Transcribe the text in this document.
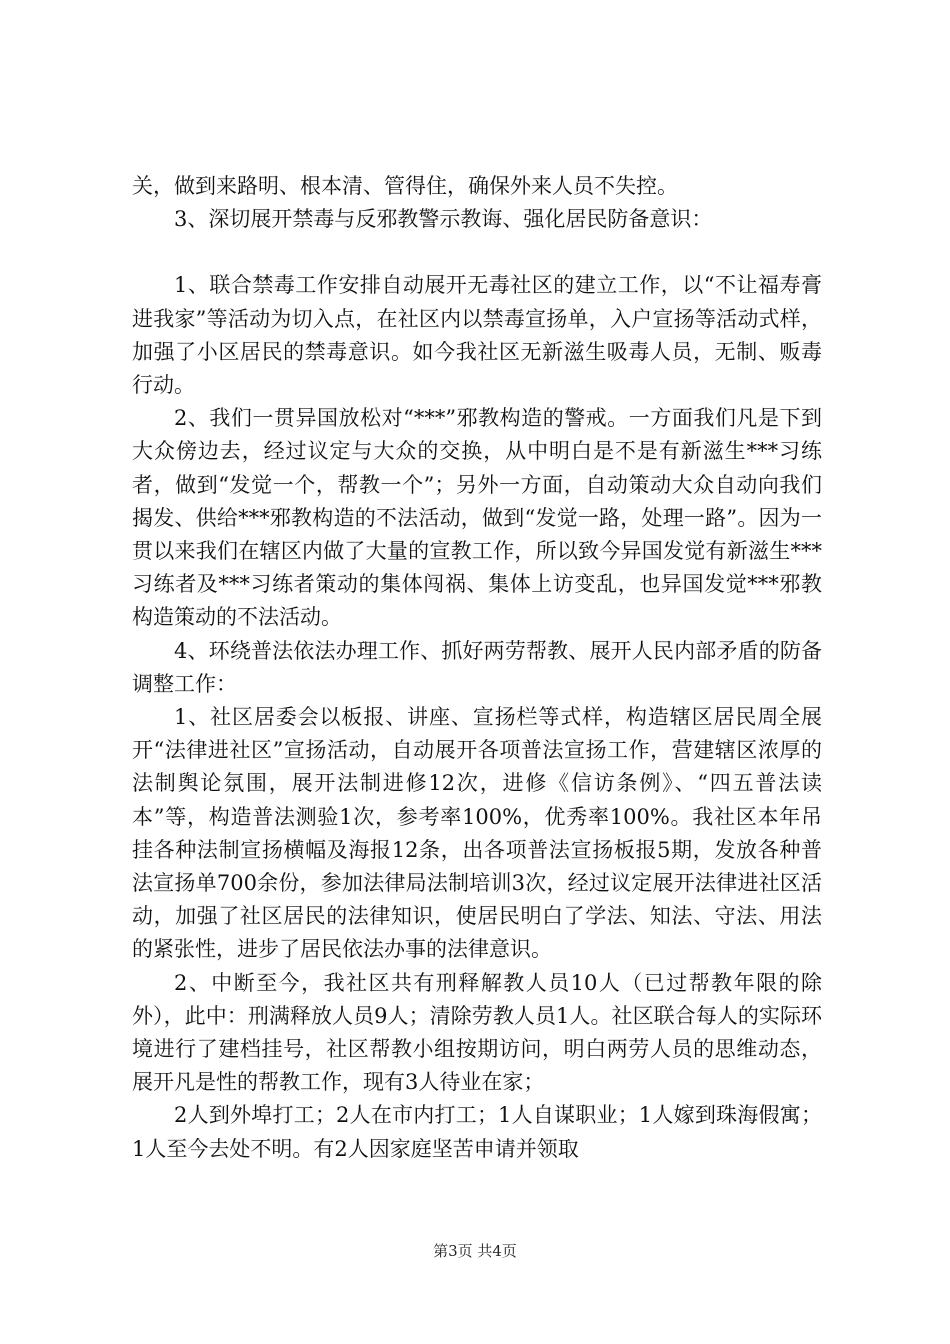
关，做到来路明、根本清、管得住，确保外来人员不失控。

3、深切展开禁毒与反邪教警示教诲、强化居民防备意识：

1、联合禁毒工作安排自动展开无毒社区的建立工作，以“不让福寿膏进我家”等活动为切入点，在社区内以禁毒宣扬单，入户宣扬等活动式样，加强了小区居民的禁毒意识。如今我社区无新滋生吸毒人员，无制、贩毒行动。

2、我们一贯异国放松对“***”邪教构造的警戒。一方面我们凡是下到大众傍边去，经过议定与大众的交换，从中明白是不是有新滋生***习练者，做到“发觉一个，帮教一个”；另外一方面，自动策动大众自动向我们揭发、供给***邪教构造的不法活动，做到“发觉一路，处理一路”。因为一贯以来我们在辖区内做了大量的宣教工作，所以致今异国发觉有新滋生***习练者及***习练者策动的集体闯祸、集体上访变乱，也异国发觉***邪教构造策动的不法活动。

4、环绕普法依法办理工作、抓好两劳帮教、展开人民内部矛盾的防备调整工作：

1、社区居委会以板报、讲座、宣扬栏等式样，构造辖区居民周全展开“法律进社区”宣扬活动，自动展开各项普法宣扬工作，营建辖区浓厚的法制舆论氛围，展开法制进修12次，进修《信访条例》、“四五普法读本”等，构造普法测验1次，参考率100%，优秀率100%。我社区本年吊挂各种法制宣扬横幅及海报12条，出各项普法宣扬板报5期，发放各种普法宣扬单700余份，参加法律局法制培训3次，经过议定展开法律进社区活动，加强了社区居民的法律知识，使居民明白了学法、知法、守法、用法的紧张性，进步了居民依法办事的法律意识。

2、中断至今，我社区共有刑释解教人员10人（已过帮教年限的除外），此中：刑满释放人员9人；清除劳教人员1人。社区联合每人的实际环境进行了建档挂号，社区帮教小组按期访问，明白两劳人员的思维动态，展开凡是性的帮教工作，现有3人待业在家；

2人到外埠打工；2人在市内打工；1人自谋职业；1人嫁到珠海假寓；1人至今去处不明。有2人因家庭坚苦申请并领取

第3页 共4页
